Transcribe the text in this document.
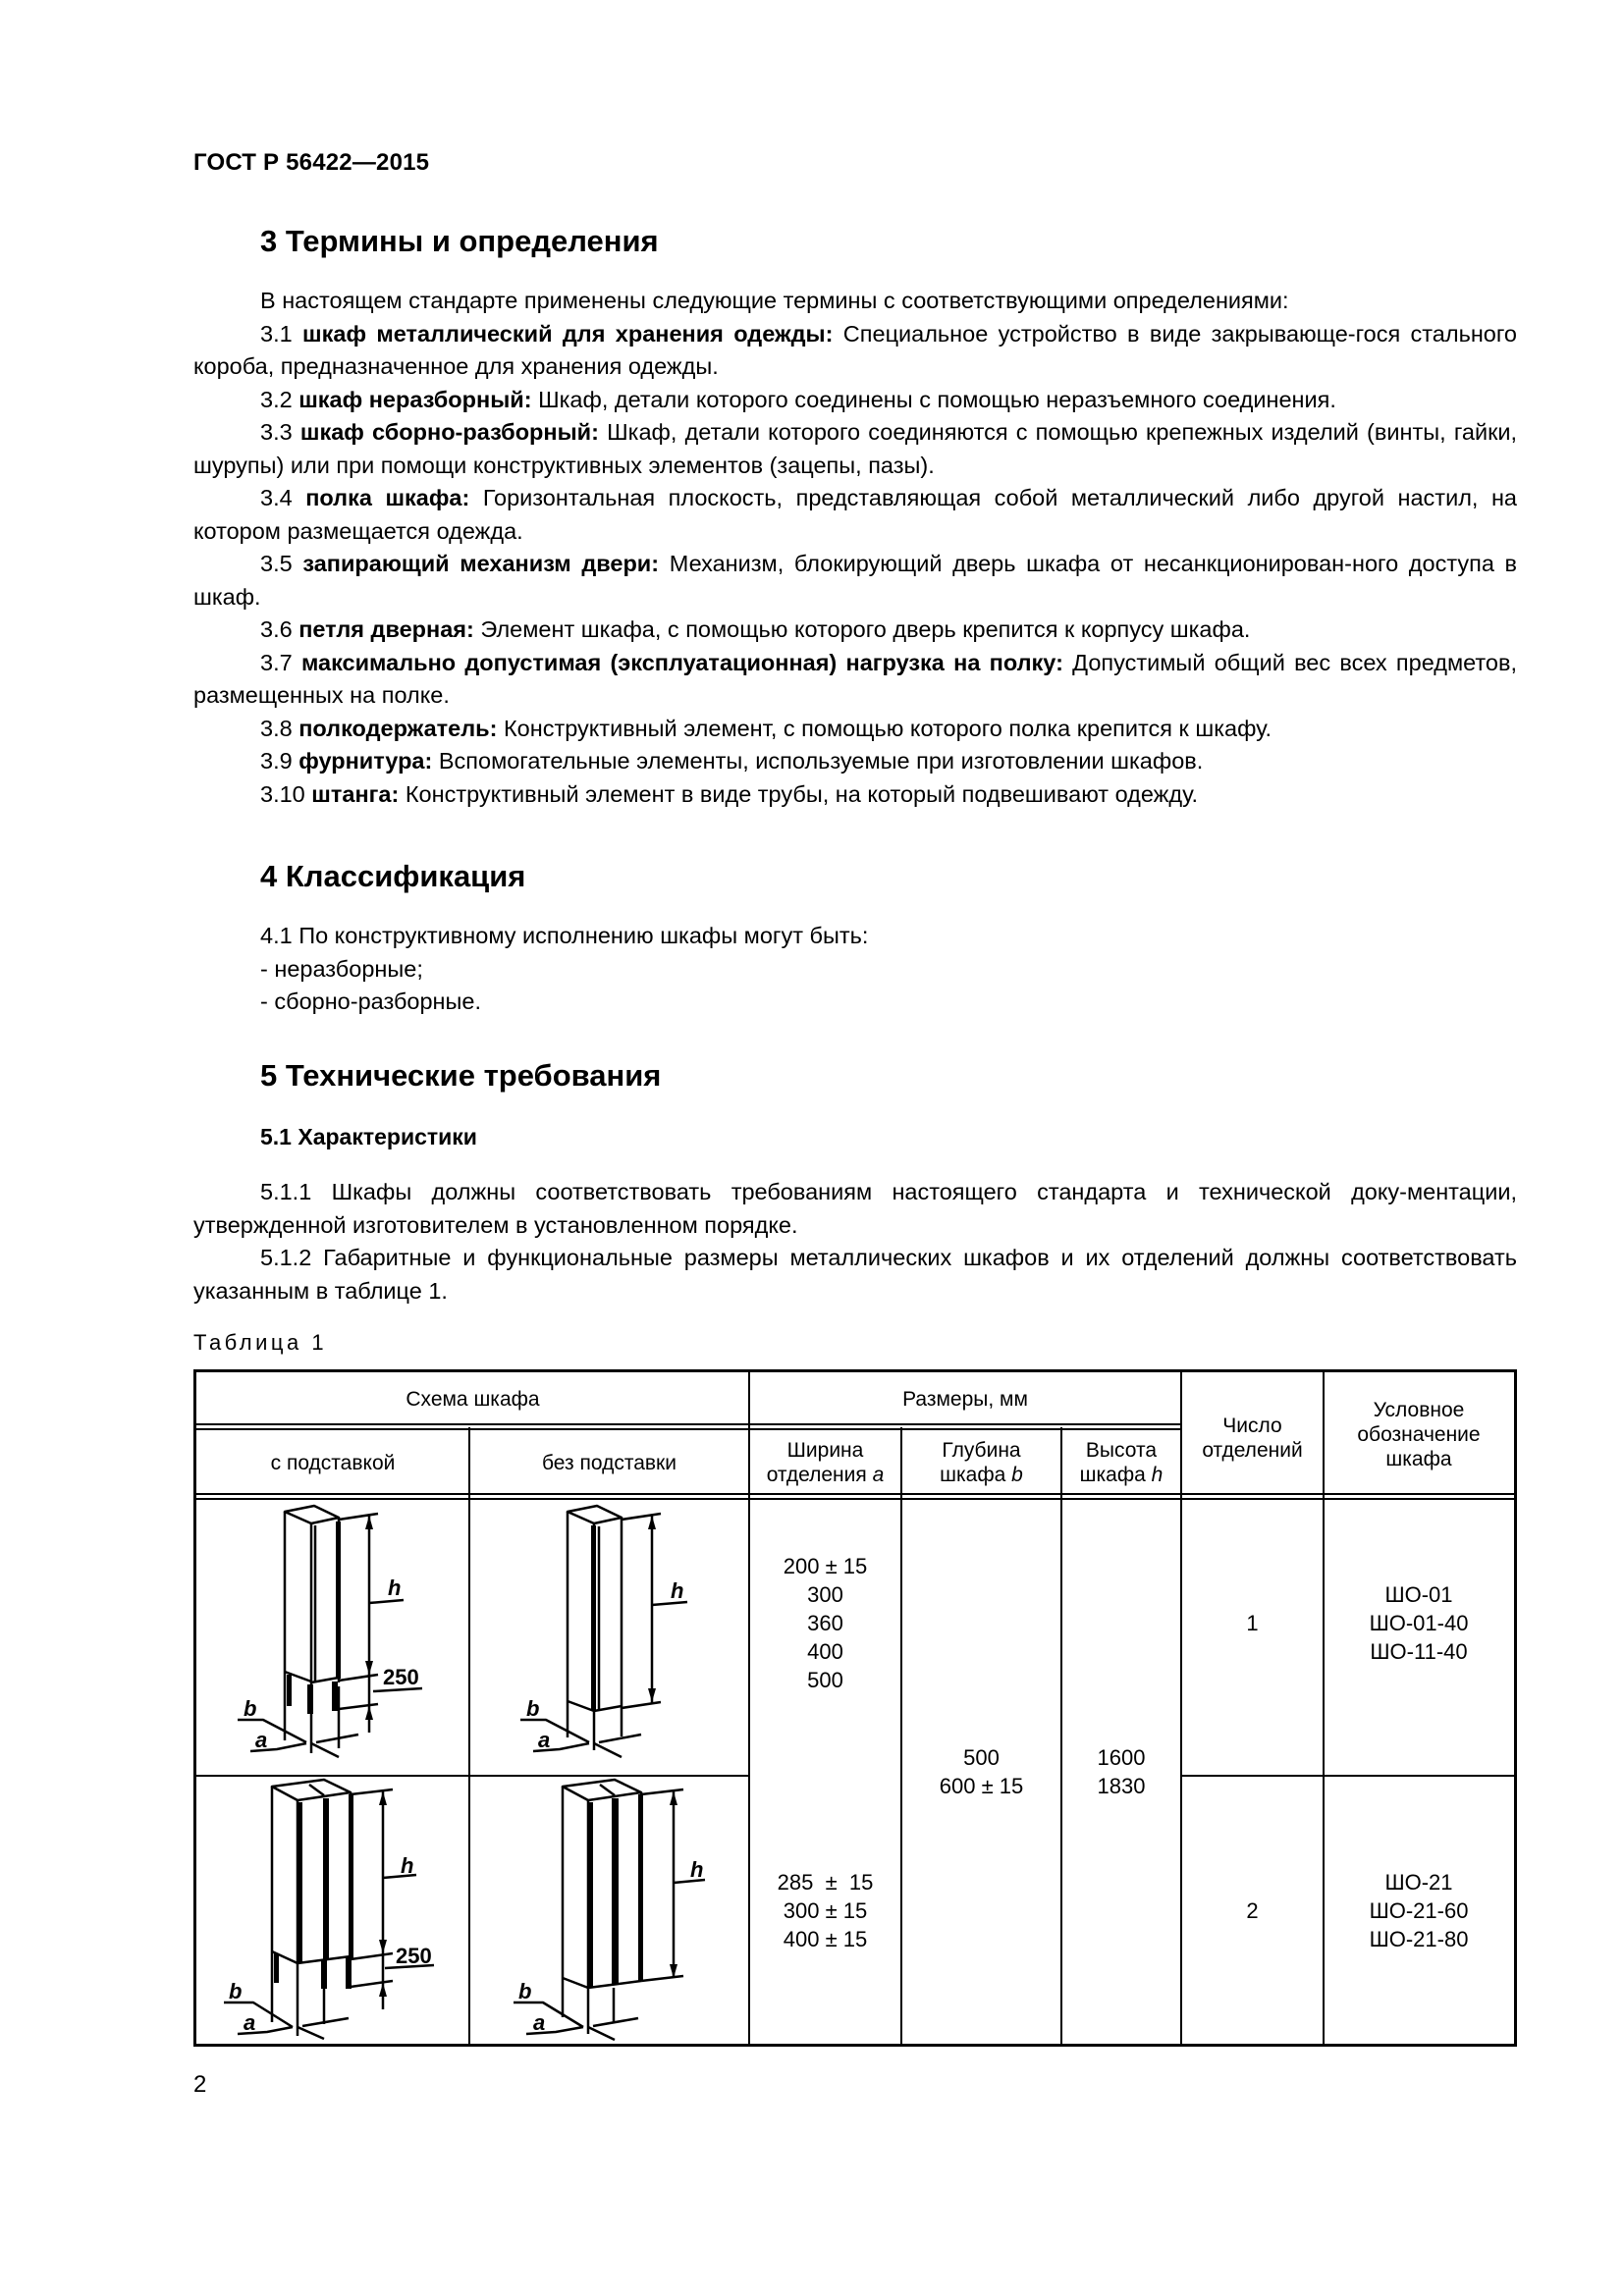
ГОСТ Р 56422—2015
3 Термины и определения

В настоящем стандарте применены следующие термины с соответствующими определениями:

3.1 шкаф металлический для хранения одежды: Специальное устройство в виде закрывающе-гося стального короба, предназначенное для хранения одежды.

3.2 шкаф неразборный: Шкаф, детали которого соединены с помощью неразъемного соединения.

3.3 шкаф сборно-разборный: Шкаф, детали которого соединяются с помощью крепежных изделий (винты, гайки, шурупы) или при помощи конструктивных элементов (зацепы, пазы).

3.4 полка шкафа: Горизонтальная плоскость, представляющая собой металлический либо другой настил, на котором размещается одежда.

3.5 запирающий механизм двери: Механизм, блокирующий дверь шкафа от несанкционирован-ного доступа в шкаф.

3.6 петля дверная: Элемент шкафа, с помощью которого дверь крепится к корпусу шкафа.

3.7 максимально допустимая (эксплуатационная) нагрузка на полку: Допустимый общий вес всех предметов, размещенных на полке.

3.8 полкодержатель: Конструктивный элемент, с помощью которого полка крепится к шкафу.

3.9 фурнитура: Вспомогательные элементы, используемые при изготовлении шкафов.

3.10 штанга: Конструктивный элемент в виде трубы, на который подвешивают одежду.

4 Классификация
4.1 По конструктивному исполнению шкафы могут быть:
- неразборные;
- сборно-разборные.
5 Технические требования
5.1 Характеристики

5.1.1 Шкафы должны соответствовать требованиям настоящего стандарта и технической доку-ментации, утвержденной изготовителем в установленном порядке.

5.1.2 Габаритные и функциональные размеры металлических шкафов и их отделений должны соответствовать указанным в таблице 1.

Таблица 1
Схема шкафа	Размеры, мм
Число отделений
Условное
обозначение
шкафа
с подставкой	без подставки
Ширина
отделения a
Глубина
шкафа b
Высота
шкафа h
200 ± 15
300
360
400
500
1
ШО-01
ШО-01-40
ШО-11-40
500
600 ± 15
1600
1830
285  ±  15
300 ± 15
400 ± 15
2
ШО-21
ШО-21-60
ШО-21-80
h
b
a
250
h
b
a
h
b
a
250
h
b
a
2
